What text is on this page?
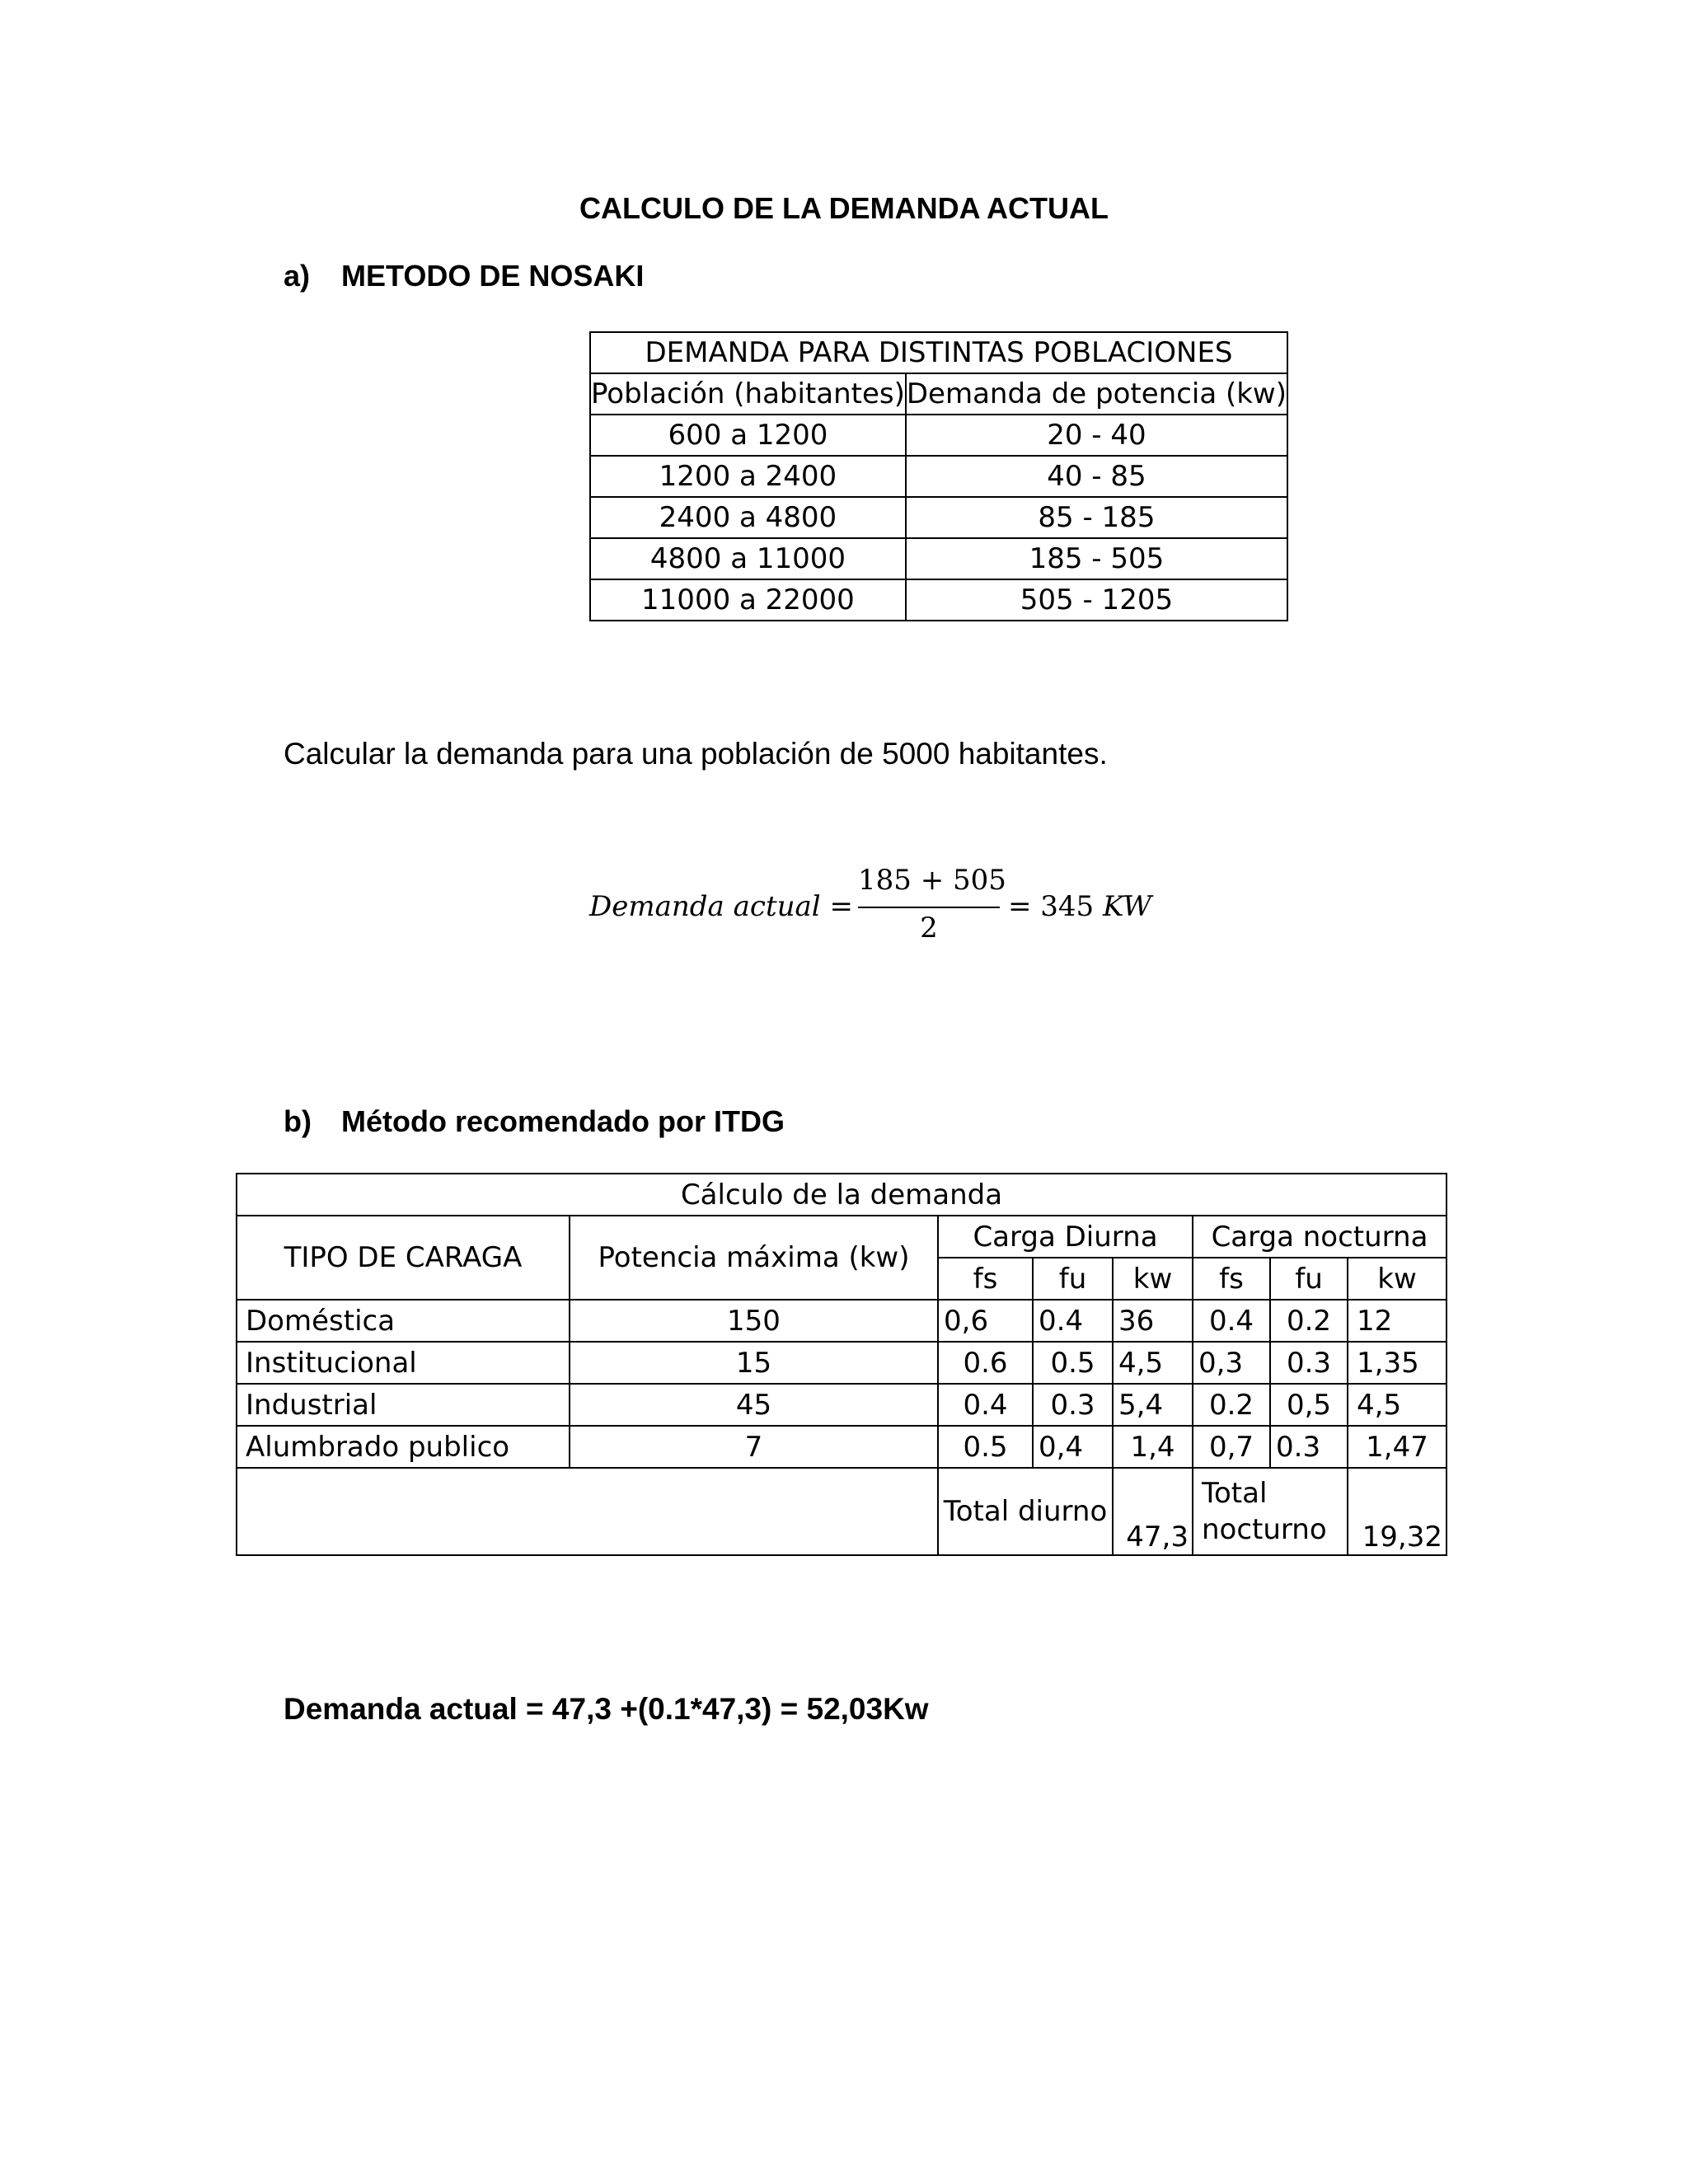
CALCULO DE LA DEMANDA ACTUAL
a) METODO DE NOSAKI
DEMANDA PARA DISTINTAS POBLACIONES	
Población (habitantes)	Demanda de potencia (kw)
600 a 1200	20 - 40
1200 a 2400	40 - 85
2400 a 4800	85 - 185
4800 a 11000	185 - 505
11000 a 22000	505 - 1205
Calcular la demanda para una población de 5000 habitantes.
Demanda actual =
185 + 505
2
= 345 KW
b) Método recomendado por ITDG
Cálculo de la demanda							
TIPO DE CARAGA	Potencia máxima (kw)	Carga Diurna			Carga nocturna		
		fs	fu	kw	fs	fu	kw
Doméstica	150	0,6	0.4	36	0.4	0.2	12
Institucional	15	0.6	0.5	4,5	0,3	0.3	1,35
Industrial	45	0.4	0.3	5,4	0.2	0,5	4,5
Alumbrado publico	7	0.5	0,4	1,4	0,7	0.3	1,47
		Total diurno		47,3	Total nocturno		19,32
Demanda actual = 47,3 +(0.1*47,3) = 52,03Kw
